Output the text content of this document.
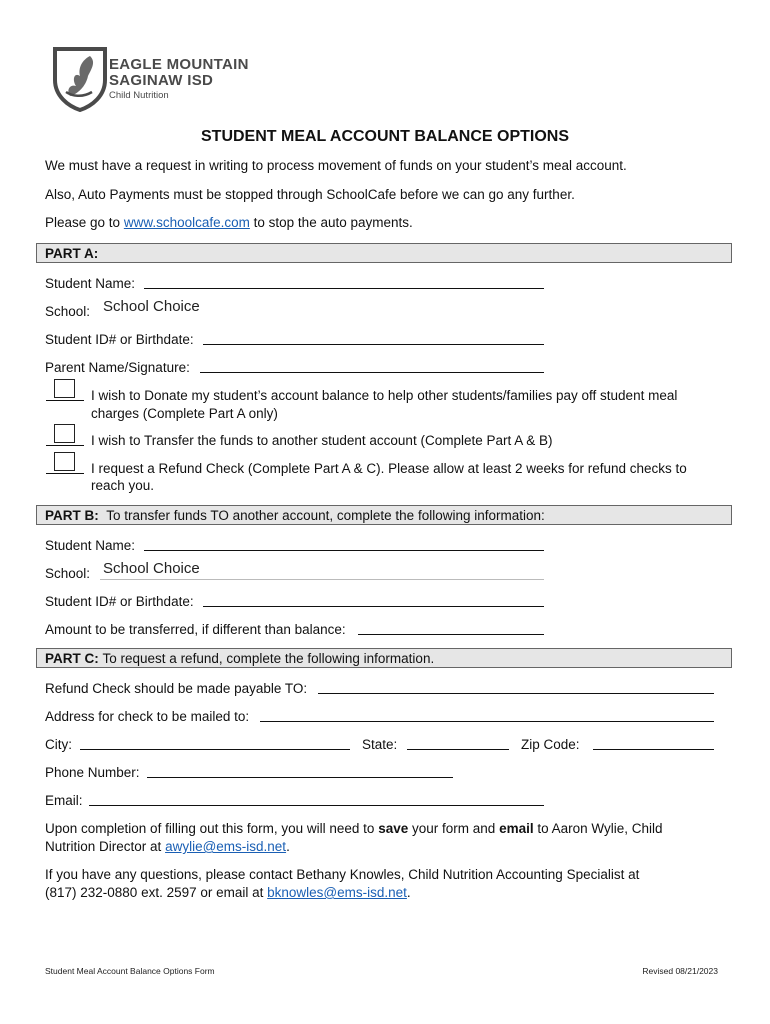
EAGLE MOUNTAIN
SAGINAW ISD
Child Nutrition
STUDENT MEAL ACCOUNT BALANCE OPTIONS
We must have a request in writing to process movement of funds on your student’s meal account.
Also, Auto Payments must be stopped through SchoolCafe before we can go any further.
Please go to www.schoolcafe.com to stop the auto payments.
PART A:
Student Name:
School: School Choice
Student ID# or Birthdate:
Parent Name/Signature:
I wish to Donate my student’s account balance to help other students/families pay off student meal
charges (Complete Part A only)
I wish to Transfer the funds to another student account (Complete Part A & B)
I request a Refund Check (Complete Part A & C). Please allow at least 2 weeks for refund checks to
reach you.
PART B: To transfer funds TO another account, complete the following information:
Student Name:
School: School Choice
Student ID# or Birthdate:
Amount to be transferred, if different than balance:
PART C: To request a refund, complete the following information.
Refund Check should be made payable TO:
Address for check to be mailed to:
City:	State:	Zip Code:
Phone Number:
Email:
Upon completion of filling out this form, you will need to save your form and email to Aaron Wylie, Child
Nutrition Director at awylie@ems-isd.net.
If you have any questions, please contact Bethany Knowles, Child Nutrition Accounting Specialist at
(817) 232-0880 ext. 2597 or email at bknowles@ems-isd.net.
Student Meal Account Balance Options Form	Revised 08/21/2023
